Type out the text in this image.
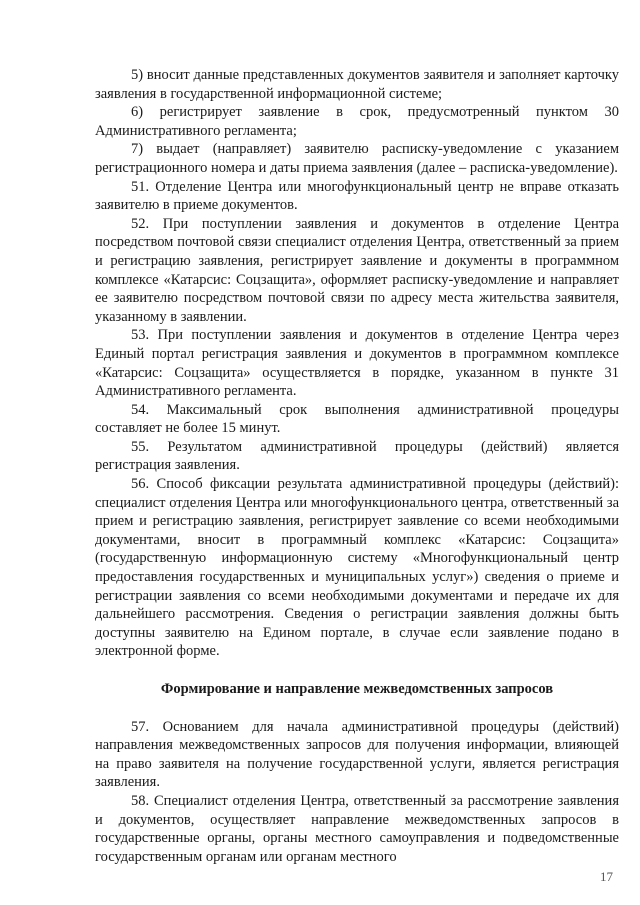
5) вносит данные представленных документов заявителя и заполняет карточку заявления в государственной информационной системе;

6) регистрирует заявление в срок, предусмотренный пунктом 30 Административного регламента;

7) выдает (направляет) заявителю расписку-уведомление с указанием регистрационного номера и даты приема заявления (далее – расписка-уведомление).

51. Отделение Центра или многофункциональный центр не вправе отказать заявителю в приеме документов.

52. При поступлении заявления и документов в отделение Центра посредством почтовой связи специалист отделения Центра, ответственный за прием и регистрацию заявления, регистрирует заявление и документы в программном комплексе «Катарсис: Соцзащита», оформляет расписку-уведомление и направляет ее заявителю посредством почтовой связи по адресу места жительства заявителя, указанному в заявлении.

53. При поступлении заявления и документов в отделение Центра через Единый портал регистрация заявления и документов в программном комплексе «Катарсис: Соцзащита» осуществляется в порядке, указанном в пункте 31 Административного регламента.

54. Максимальный срок выполнения административной процедуры составляет не более 15 минут.

55. Результатом административной процедуры (действий) является регистрация заявления.

56. Способ фиксации результата административной процедуры (действий): специалист отделения Центра или многофункционального центра, ответственный за прием и регистрацию заявления, регистрирует заявление со всеми необходимыми документами, вносит в программный комплекс «Катарсис: Соцзащита» (государственную информационную систему «Многофункциональный центр предоставления государственных и муниципальных услуг») сведения о приеме и регистрации заявления со всеми необходимыми документами и передаче их для дальнейшего рассмотрения. Сведения о регистрации заявления должны быть доступны заявителю на Едином портале, в случае если заявление подано в электронной форме.

Формирование и направление межведомственных запросов

57. Основанием для начала административной процедуры (действий) направления межведомственных запросов для получения информации, влияющей на право заявителя на получение государственной услуги, является регистрация заявления.

58. Специалист отделения Центра, ответственный за рассмотрение заявления и документов, осуществляет направление межведомственных запросов в государственные органы, органы местного самоуправления и подведомственные государственным органам или органам местного

17
